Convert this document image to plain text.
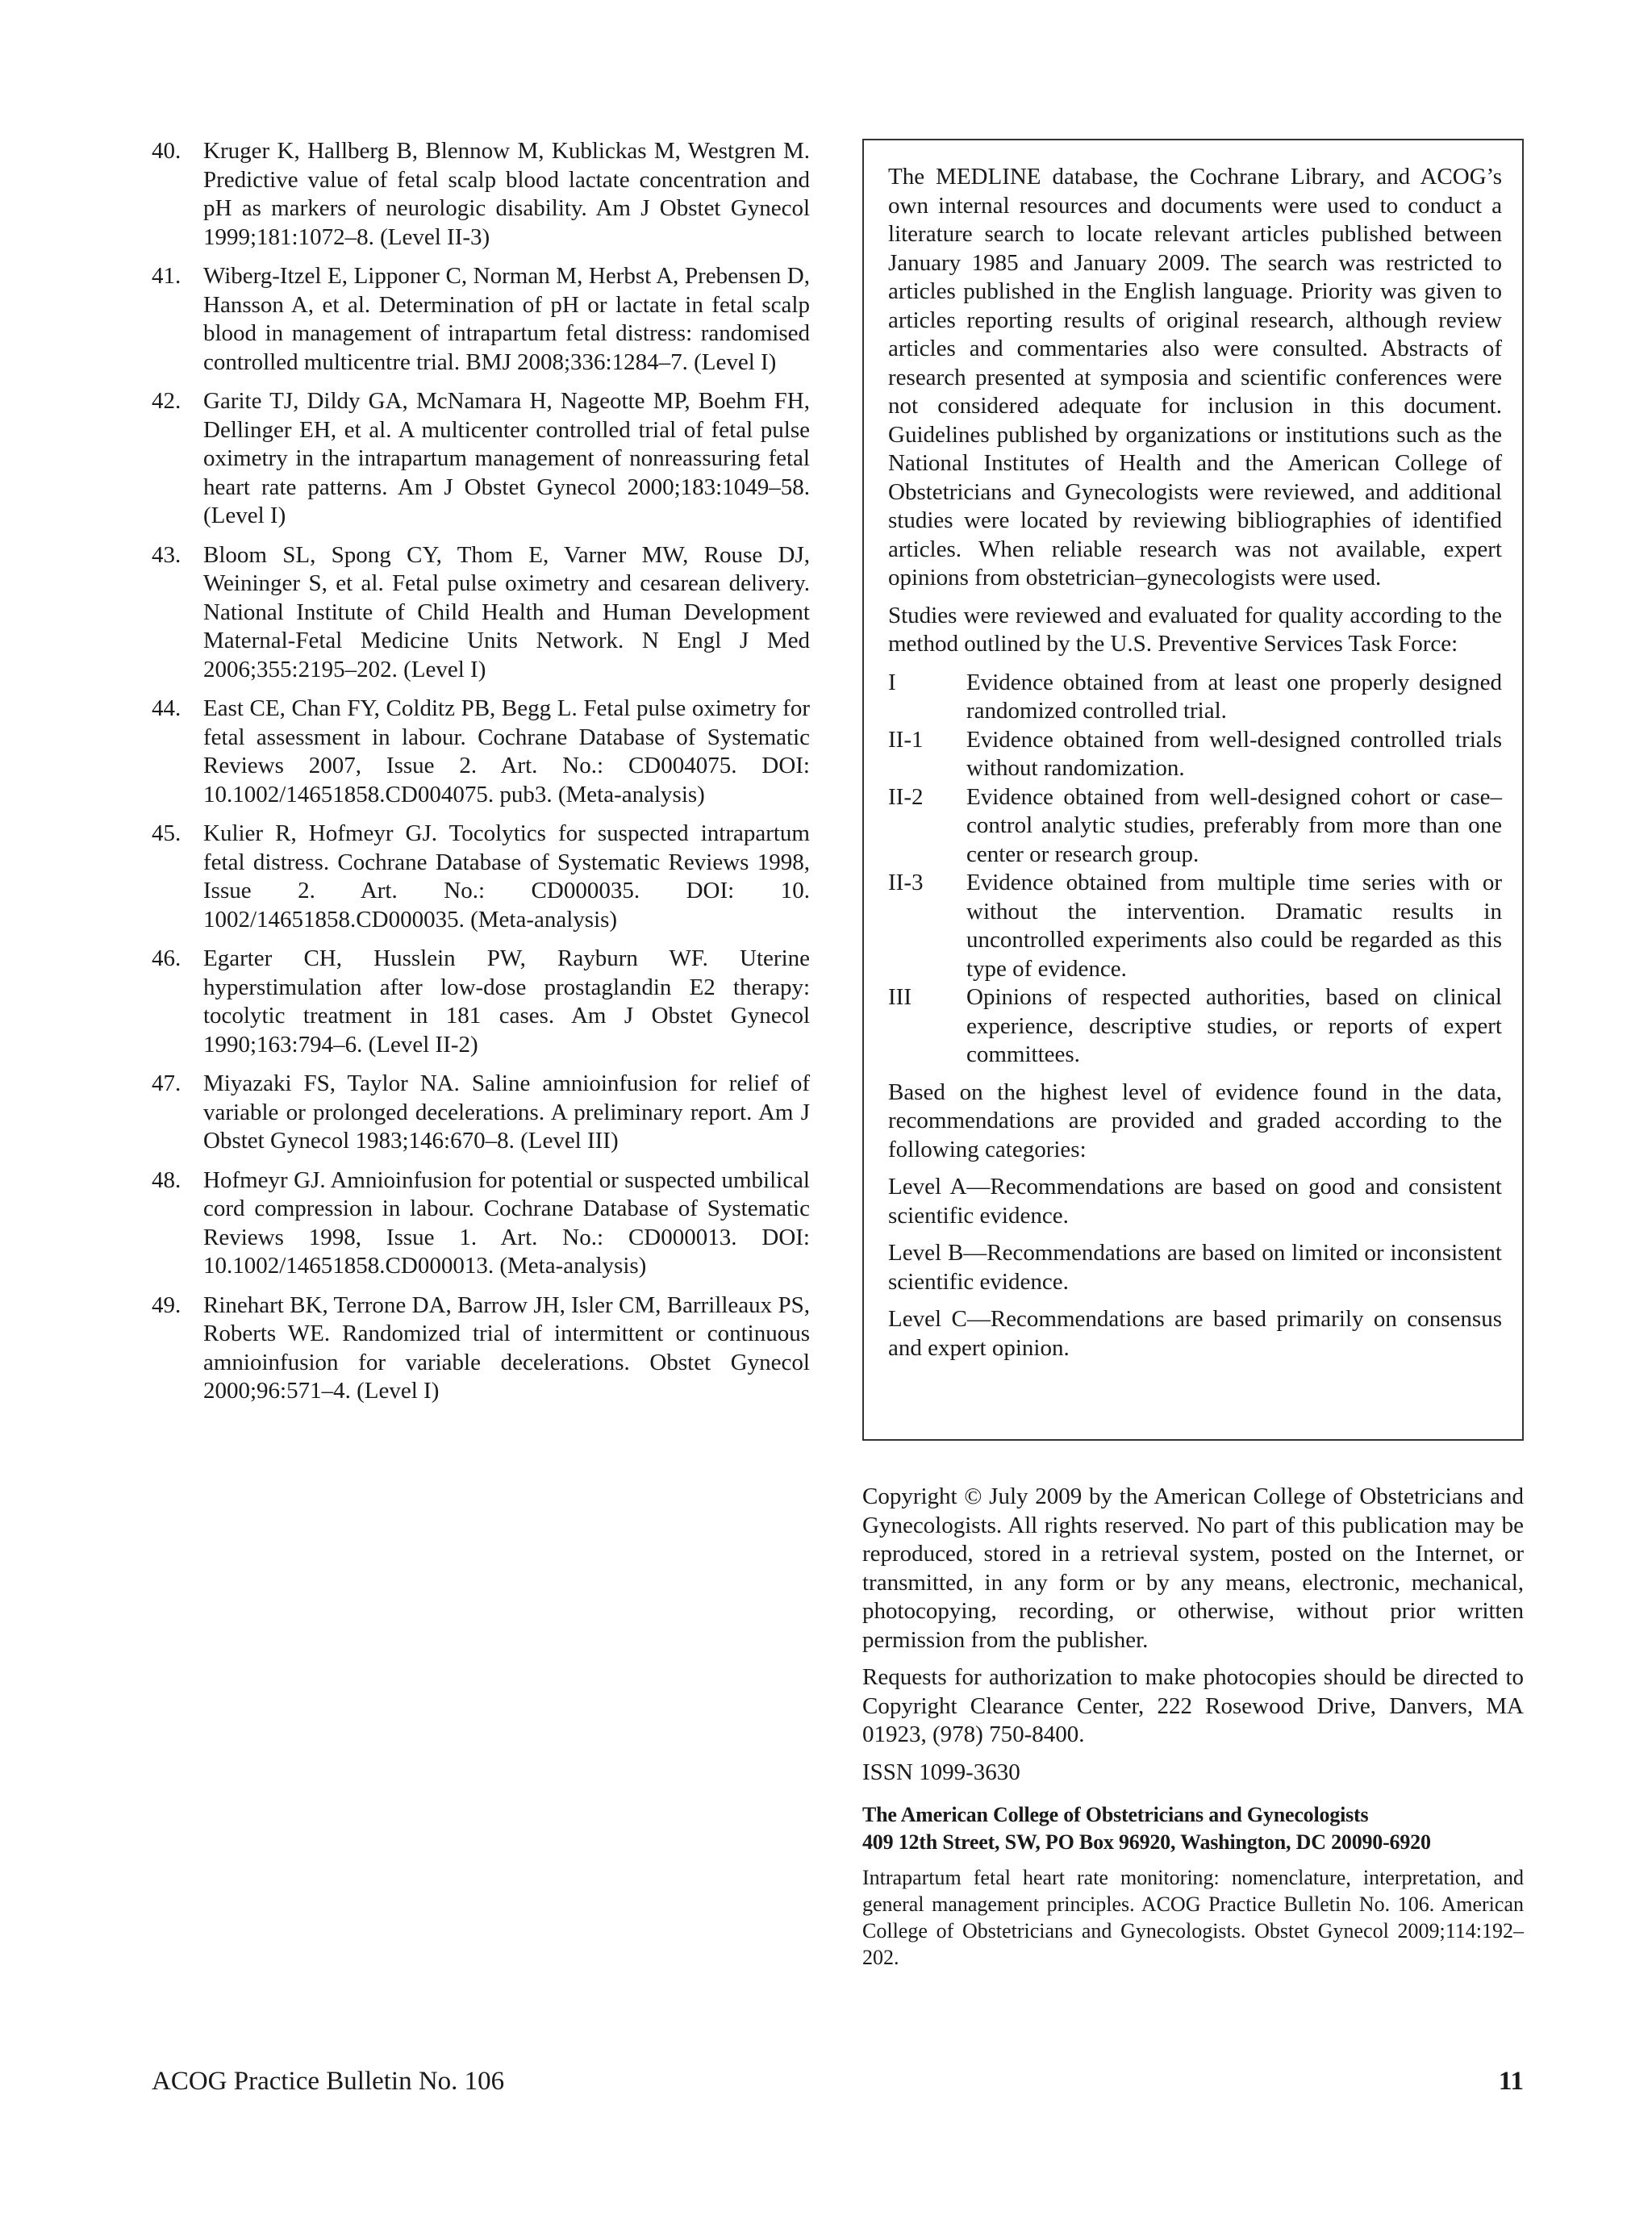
40. Kruger K, Hallberg B, Blennow M, Kublickas M, Westgren M. Predictive value of fetal scalp blood lactate concentration and pH as markers of neurologic disability. Am J Obstet Gynecol 1999;181:1072–8. (Level II-3)
41. Wiberg-Itzel E, Lipponer C, Norman M, Herbst A, Prebensen D, Hansson A, et al. Determination of pH or lactate in fetal scalp blood in management of intrapartum fetal distress: randomised controlled multicentre trial. BMJ 2008;336:1284–7. (Level I)
42. Garite TJ, Dildy GA, McNamara H, Nageotte MP, Boehm FH, Dellinger EH, et al. A multicenter controlled trial of fetal pulse oximetry in the intrapartum management of nonreassuring fetal heart rate patterns. Am J Obstet Gynecol 2000;183:1049–58. (Level I)
43. Bloom SL, Spong CY, Thom E, Varner MW, Rouse DJ, Weininger S, et al. Fetal pulse oximetry and cesarean delivery. National Institute of Child Health and Human Development Maternal-Fetal Medicine Units Network. N Engl J Med 2006;355:2195–202. (Level I)
44. East CE, Chan FY, Colditz PB, Begg L. Fetal pulse oximetry for fetal assessment in labour. Cochrane Database of Systematic Reviews 2007, Issue 2. Art. No.: CD004075. DOI: 10.1002/14651858.CD004075. pub3. (Meta-analysis)
45. Kulier R, Hofmeyr GJ. Tocolytics for suspected intrapartum fetal distress. Cochrane Database of Systematic Reviews 1998, Issue 2. Art. No.: CD000035. DOI: 10. 1002/14651858.CD000035. (Meta-analysis)
46. Egarter CH, Husslein PW, Rayburn WF. Uterine hyperstimulation after low-dose prostaglandin E2 therapy: tocolytic treatment in 181 cases. Am J Obstet Gynecol 1990;163:794–6. (Level II-2)
47. Miyazaki FS, Taylor NA. Saline amnioinfusion for relief of variable or prolonged decelerations. A preliminary report. Am J Obstet Gynecol 1983;146:670–8. (Level III)
48. Hofmeyr GJ. Amnioinfusion for potential or suspected umbilical cord compression in labour. Cochrane Database of Systematic Reviews 1998, Issue 1. Art. No.: CD000013. DOI: 10.1002/14651858.CD000013. (Meta-analysis)
49. Rinehart BK, Terrone DA, Barrow JH, Isler CM, Barrilleaux PS, Roberts WE. Randomized trial of intermittent or continuous amnioinfusion for variable decelerations. Obstet Gynecol 2000;96:571–4. (Level I)

The MEDLINE database, the Cochrane Library, and ACOG’s own internal resources and documents were used to conduct a literature search to locate relevant articles published between January 1985 and January 2009. The search was restricted to articles published in the English language. Priority was given to articles reporting results of original research, although review articles and commentaries also were consulted. Abstracts of research presented at symposia and scientific conferences were not considered adequate for inclusion in this document. Guidelines published by organizations or institutions such as the National Institutes of Health and the American College of Obstetricians and Gynecologists were reviewed, and additional studies were located by reviewing bibliographies of identified articles. When reliable research was not available, expert opinions from obstetrician–gynecologists were used.

Studies were reviewed and evaluated for quality according to the method outlined by the U.S. Preventive Services Task Force:

I	Evidence obtained from at least one properly designed randomized controlled trial.
II-1	Evidence obtained from well-designed controlled trials without randomization.
II-2	Evidence obtained from well-designed cohort or case–control analytic studies, preferably from more than one center or research group.
II-3	Evidence obtained from multiple time series with or without the intervention. Dramatic results in uncontrolled experiments also could be regarded as this type of evidence.
III	Opinions of respected authorities, based on clinical experience, descriptive studies, or reports of expert committees.

Based on the highest level of evidence found in the data, recommendations are provided and graded according to the following categories:

Level A—Recommendations are based on good and consistent scientific evidence.

Level B—Recommendations are based on limited or inconsistent scientific evidence.

Level C—Recommendations are based primarily on consensus and expert opinion.

Copyright © July 2009 by the American College of Obstetricians and Gynecologists. All rights reserved. No part of this publication may be reproduced, stored in a retrieval system, posted on the Internet, or transmitted, in any form or by any means, electronic, mechanical, photocopying, recording, or otherwise, without prior written permission from the publisher.

Requests for authorization to make photocopies should be directed to Copyright Clearance Center, 222 Rosewood Drive, Danvers, MA 01923, (978) 750-8400.

ISSN 1099-3630

The American College of Obstetricians and Gynecologists
409 12th Street, SW, PO Box 96920, Washington, DC 20090-6920
Intrapartum fetal heart rate monitoring: nomenclature, interpretation, and general management principles. ACOG Practice Bulletin No. 106. American College of Obstetricians and Gynecologists. Obstet Gynecol 2009;114:192–202.
ACOG Practice Bulletin No. 106	11
